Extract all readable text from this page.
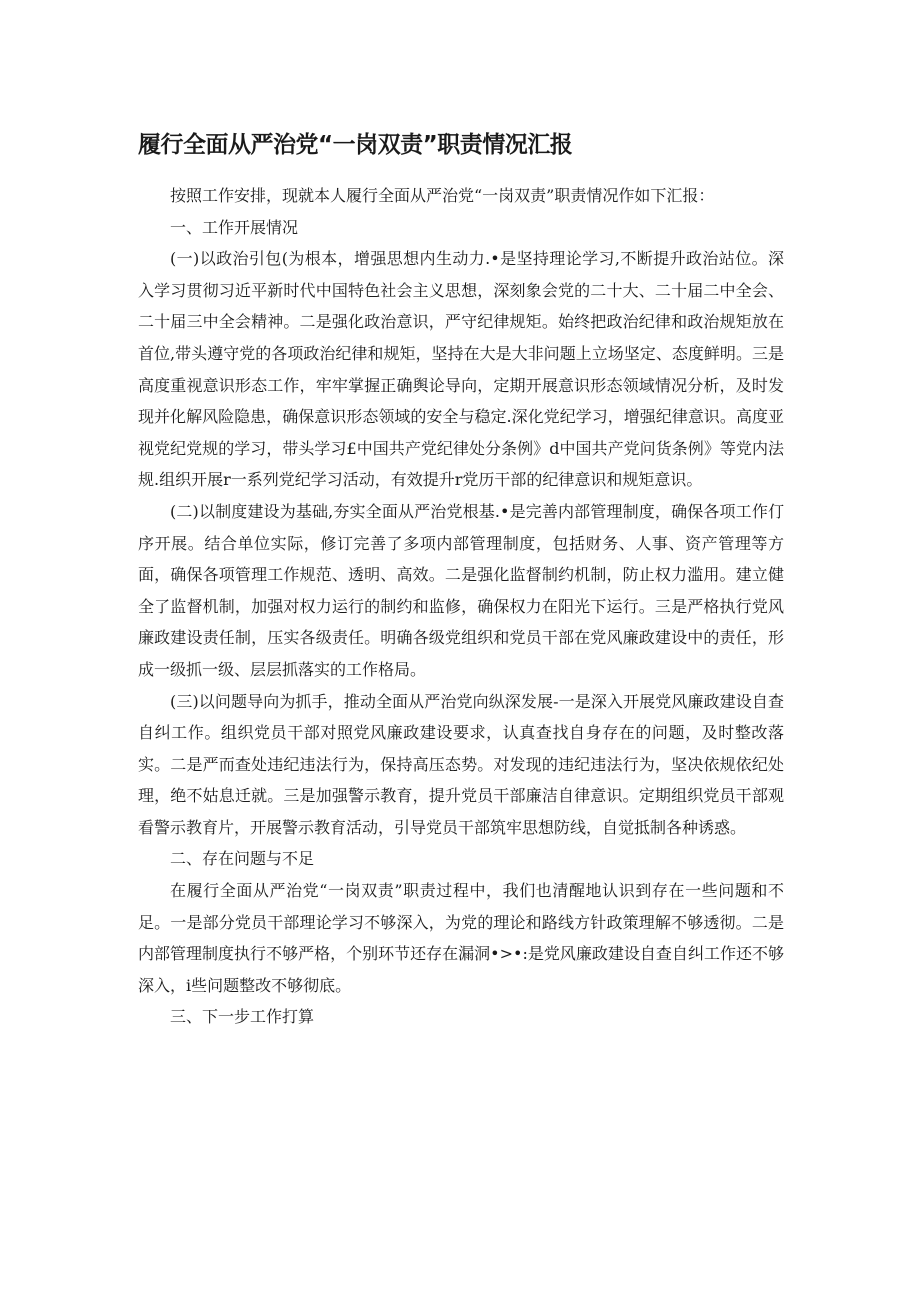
履行全面从严治党“一岗双责”职责情况汇报

按照工作安排，现就本人履行全面从严治党“一岗双责”职责情况作如下汇报：

一、工作开展情况

(一)以政治引包(为根本，增强思想内生动力.•是坚持理论学习,不断提升政治站位。深入学习贯彻习近平新时代中国特色社会主义思想，深刻象会党的二十大、二十届二中全会、二十届三中全会精神。二是强化政治意识，严守纪律规矩。始终把政治纪律和政治规矩放在首位,带头遵守党的各项政治纪律和规矩，坚持在大是大非问题上立场坚定、态度鲜明。三是高度重视意识形态工作，牢牢掌握正确舆论导向，定期开展意识形态领域情况分析，及时发现并化解风险隐患，确保意识形态领域的安全与稳定.深化党纪学习，增强纪律意识。高度亚视党纪党规的学习，带头学习£中国共产党纪律处分条例》d中国共产党问货条例》等党内法规.组织开展r一系列党纪学习活动，有效提升r党历干部的纪律意识和规矩意识。

(二)以制度建设为基础,夯实全面从严治党根基.•是完善内部管理制度，确保各项工作仃序开展。结合单位实际，修订完善了多项内部管理制度，包括财务、人事、资产管理等方面，确保各项管理工作规范、透明、高效。二是强化监督制约机制，防止权力滥用。建立健全了监督机制，加强对权力运行的制约和监修，确保权力在阳光下运行。三是严格执行党风廉政建设责任制，压实各级责任。明确各级党组织和党员干部在党风廉政建设中的责任，形成一级抓一级、层层抓落实的工作格局。

(三)以问题导向为抓手，推动全面从严治党向纵深发展-一是深入开展党风廉政建设自查自纠工作。组织党员干部对照党风廉政建设要求，认真查找自身存在的问题，及时整改落实。二是严而查处违纪违法行为，保持高压态势。对发现的违纪违法行为，坚决依规依纪处理，绝不姑息迁就。三是加强警示教育，提升党员干部廉洁自律意识。定期组织党员干部观看警示教育片，开展警示教育活动，引导党员干部筑牢思想防线，自觉抵制各种诱惑。

二、存在问题与不足

在履行全面从严治党“一岗双责”职责过程中，我们也清醒地认识到存在一些问题和不足。一是部分党员干部理论学习不够深入，为党的理论和路线方针政策理解不够透彻。二是内部管理制度执行不够严格，个别环节还存在漏洞•>•:是党风廉政建设自查自纠工作还不够深入，i些问题整改不够彻底。

三、下一步工作打算
